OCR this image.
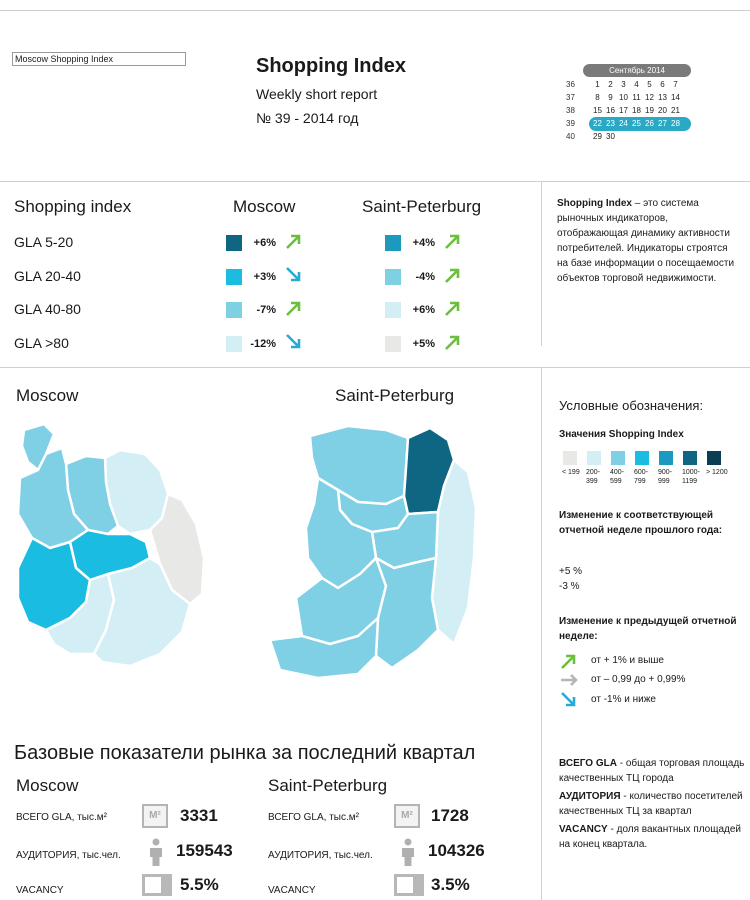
Moscow Shopping Index	Shopping Index
Weekly short report
№ 39 - 2014 год
Сентябрь 2014
36	1	2	3	4	5	6	7
37	8	9 10 11 12 13 14
38 15 16 17 18 19 20 21
39 22 23 24 25 26 27 28
40 29 30
Shopping index	Moscow	Saint-Peterburg
GLA 5-20	+6%	+4%
GLA 20-40	+3%	-4%
GLA 40-80	-7%	+6%
GLA >80	-12%	+5%
Shopping Index – это система рыночных индикаторов, отображающая динамику активности потребителей. Индикаторы строятся на базе информации о посещаемости объектов торговой недвижимости.
Moscow	Saint-Peterburg
Условные обозначения:
Значения Shopping Index
< 199 200-
399
400-
599
600-
799
900-
999
1000-
1199
> 1200
Изменение к соответствующей отчетной неделе прошлого года:
+5 %
-3 %
Изменение к предыдущей отчетной неделе:
от + 1% и выше
от – 0,99 до + 0,99%
от -1% и ниже
Базовые показатели рынка за последний квартал
Moscow	Saint-Peterburg
ВСЕГО GLA, тыс.м²	M²	3331
АУДИТОРИЯ, тыс.чел.	159543
VACANCY	5.5%
ВСЕГО GLA, тыс.м²	M²	1728
АУДИТОРИЯ, тыс.чел.	104326
VACANCY	3.5%

ВСЕГО GLA - общая торговая площадь качественных ТЦ города

АУДИТОРИЯ - количество посетителей качественных ТЦ за квартал

VACANCY - доля вакантных площадей на конец квартала.
